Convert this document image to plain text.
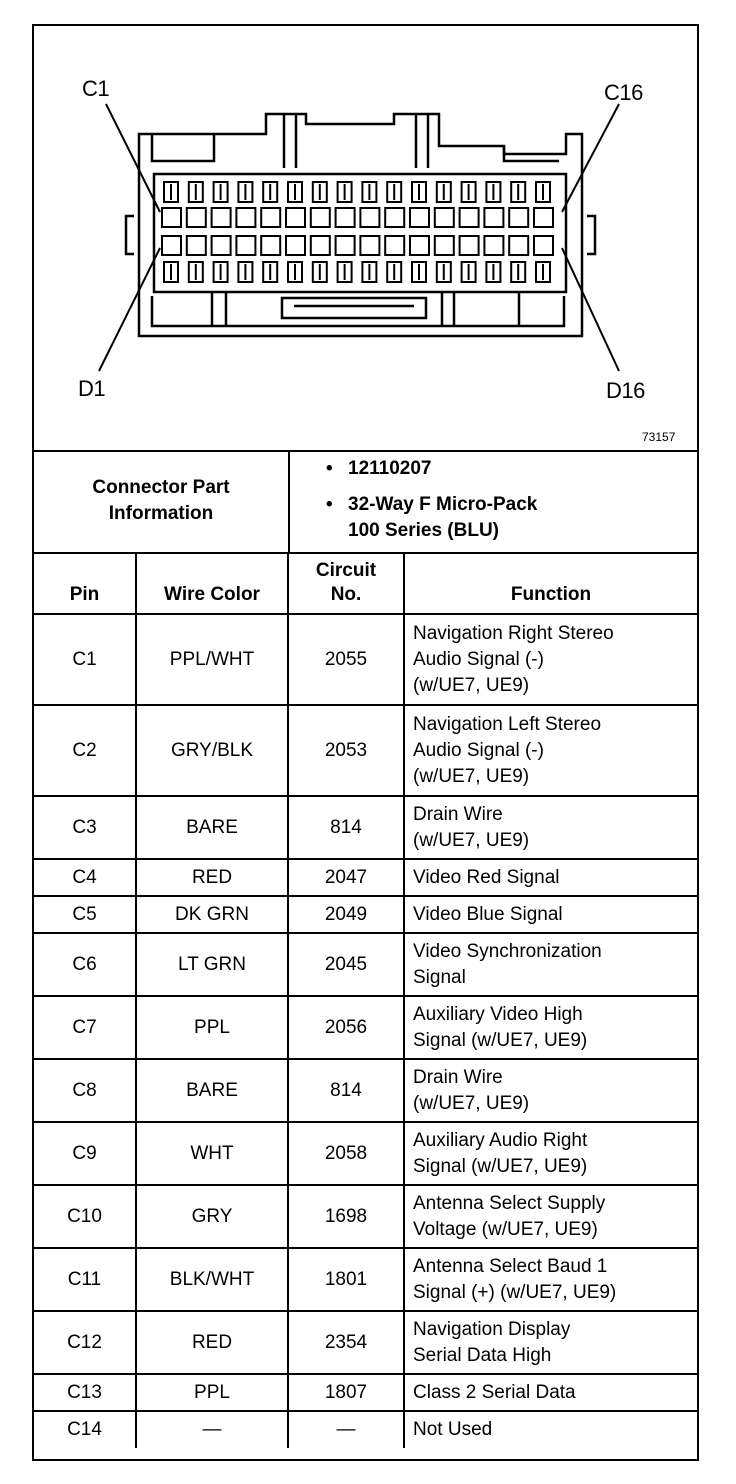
C1	C16
D1	D16
73157
Connector Part
Information
• 12110207
• 32-Way F Micro-Pack
100 Series (BLU)
Pin	Wire Color	Circuit
No.	Function
C1	PPL/WHT	2055	Navigation Right Stereo
Audio Signal (-)
(w/UE7, UE9)
C2	GRY/BLK	2053	Navigation Left Stereo
Audio Signal (-)
(w/UE7, UE9)
C3	BARE	814	Drain Wire
(w/UE7, UE9)
C4	RED	2047	Video Red Signal
C5	DK GRN	2049	Video Blue Signal
C6	LT GRN	2045	Video Synchronization
Signal
C7	PPL	2056	Auxiliary Video High
Signal (w/UE7, UE9)
C8	BARE	814	Drain Wire
(w/UE7, UE9)
C9	WHT	2058	Auxiliary Audio Right
Signal (w/UE7, UE9)
C10	GRY	1698	Antenna Select Supply
Voltage (w/UE7, UE9)
C11	BLK/WHT	1801	Antenna Select Baud 1
Signal (+) (w/UE7, UE9)
C12	RED	2354	Navigation Display
Serial Data High
C13	PPL	1807	Class 2 Serial Data
C14	—	—	Not Used
